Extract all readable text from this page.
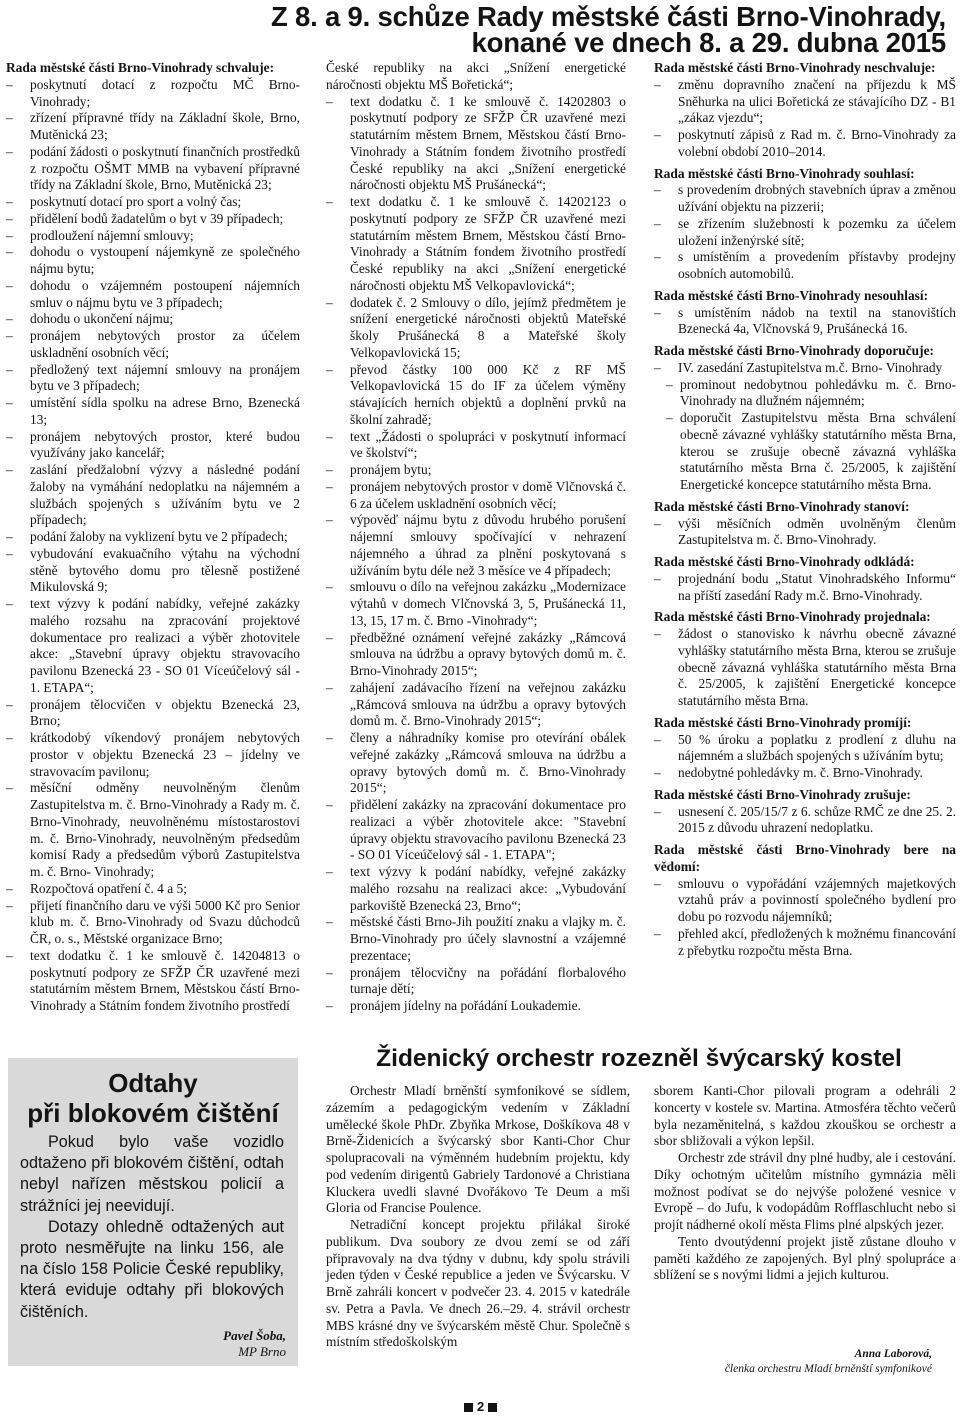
Z 8. a 9. schůze Rady městské části Brno-Vinohrady,
konané ve dnech 8. a 29. dubna 2015

Rada městské části Brno-Vinohrady schvaluje:

– poskytnutí dotací z rozpočtu MČ Brno-Vinohrady;
– zřízení přípravné třídy na Základní škole, Brno, Mutěnická 23;
– podání žádosti o poskytnutí finančních prostředků z rozpočtu OŠMT MMB na vybavení přípravné třídy na Základní škole, Brno, Mutěnická 23;
– poskytnutí dotací pro sport a volný čas;
– přidělení bodů žadatelům o byt v 39 případech;
– prodloužení nájemní smlouvy;
– dohodu o vystoupení nájemkyně ze společného nájmu bytu;
– dohodu o vzájemném postoupení nájemních smluv o nájmu bytu ve 3 případech;
– dohodu o ukončení nájmu;
– pronájem nebytových prostor za účelem uskladnění osobních věcí;
– předložený text nájemní smlouvy na pronájem bytu ve 3 případech;
– umístění sídla spolku na adrese Brno, Bzenecká 13;
– pronájem nebytových prostor, které budou využívány jako kancelář;
– zaslání předžalobní výzvy a následné podání žaloby na vymáhání nedoplatku na nájemném a službách spojených s užíváním bytu ve 2 případech;
– podání žaloby na vyklizení bytu ve 2 případech;
– vybudování evakuačního výtahu na východní stěně bytového domu pro tělesně postižené Mikulovská 9;
– text výzvy k podání nabídky, veřejné zakázky malého rozsahu na zpracování projektové dokumentace pro realizaci a výběr zhotovitele akce: „Stavební úpravy objektu stravovacího pavilonu Bzenecká 23 - SO 01 Víceúčelový sál - 1. ETAPA“;
– pronájem tělocvičen v objektu Bzenecká 23, Brno;
– krátkodobý víkendový pronájem nebytových prostor v objektu Bzenecká 23 – jídelny ve stravovacím pavilonu;
– měsíční odměny neuvolněným členům Zastupitelstva m. č. Brno-Vinohrady a Rady m. č. Brno-Vinohrady, neuvolněnému místostarostovi m. č. Brno-Vinohrady, neuvolněným předsedům komisí Rady a předsedům výborů Zastupitelstva m. č. Brno- Vinohrady;
– Rozpočtová opatření č. 4 a 5;
– přijetí finančního daru ve výši 5000 Kč pro Senior klub m. č. Brno-Vinohrady od Svazu důchodců ČR, o. s., Městské organizace Brno;
– text dodatku č. 1 ke smlouvě č. 14204813 o poskytnutí podpory ze SFŽP ČR uzavřené mezi statutárním městem Brnem, Městskou částí Brno-Vinohrady a Státním fondem životního prostředí

České republiky na akci „Snížení energetické náročnosti objektu MŠ Bořetická“;

– text dodatku č. 1 ke smlouvě č. 14202803 o poskytnutí podpory ze SFŽP ČR uzavřené mezi statutárním městem Brnem, Městskou částí Brno-Vinohrady a Státním fondem životního prostředí České republiky na akci „Snížení energetické náročnosti objektu MŠ Prušánecká“;
– text dodatku č. 1 ke smlouvě č. 14202123 o poskytnutí podpory ze SFŽP ČR uzavřené mezi statutárním městem Brnem, Městskou částí Brno-Vinohrady a Státním fondem životního prostředí České republiky na akci „Snížení energetické náročnosti objektu MŠ Velkopavlovická“;
– dodatek č. 2 Smlouvy o dílo, jejímž předmětem je snížení energetické náročnosti objektů Mateřské školy Prušánecká 8 a Mateřské školy Velkopavlovická 15;
– převod částky 100 000 Kč z RF MŠ Velkopavlovická 15 do IF za účelem výměny stávajících herních objektů a doplnění prvků na školní zahradě;
– text „Žádosti o spolupráci v poskytnutí informací ve školství“;
– pronájem bytu;
– pronájem nebytových prostor v domě Vlčnovská č. 6 za účelem uskladnění osobních věcí;
– výpověď nájmu bytu z důvodu hrubého porušení nájemní smlouvy spočívající v nehrazení nájemného a úhrad za plnění poskytovaná s užíváním bytu déle než 3 měsíce ve 4 případech;
– smlouvu o dílo na veřejnou zakázku „Modernizace výtahů v domech Vlčnovská 3, 5, Prušánecká 11, 13, 15, 17 m. č. Brno -Vinohrady“;
– předběžné oznámení veřejné zakázky „Rámcová smlouva na údržbu a opravy bytových domů m. č. Brno-Vinohrady 2015“;
– zahájení zadávacího řízení na veřejnou zakázku „Rámcová smlouva na údržbu a opravy bytových domů m. č. Brno-Vinohrady 2015“;
– členy a náhradníky komise pro otevírání obálek veřejné zakázky „Rámcová smlouva na údržbu a opravy bytových domů m. č. Brno-Vinohrady 2015“;
– přidělení zakázky na zpracování dokumentace pro realizaci a výběr zhotovitele akce: "Stavební úpravy objektu stravovacího pavilonu Bzenecká 23 - SO 01 Víceúčelový sál - 1. ETAPA";
– text výzvy k podání nabídky, veřejné zakázky malého rozsahu na realizaci akce: „Vybudování parkoviště Bzenecká 23, Brno“;
– městské části Brno-Jih použití znaku a vlajky m. č. Brno-Vinohrady pro účely slavnostní a vzájemné prezentace;
– pronájem tělocvičny na pořádání florbalového turnaje dětí;
– pronájem jídelny na pořádání Loukademie.

Rada městské části Brno-Vinohrady neschvaluje:

– změnu dopravního značení na příjezdu k MŠ Sněhurka na ulici Bořetická ze stávajícího DZ - B1 „zákaz vjezdu“;
– poskytnutí zápisů z Rad m. č. Brno-Vinohrady za volební období 2010–2014.

Rada městské části Brno-Vinohrady souhlasí:

– s provedením drobných stavebních úprav a změnou užívání objektu na pizzerii;
– se zřízením služebnosti k pozemku za účelem uložení inženýrské sítě;
– s umístěním a provedením přístavby prodejny osobních automobilů.

Rada městské části Brno-Vinohrady nesouhlasí:

– s umístěním nádob na textil na stanovištích Bzenecká 4a, Vlčnovská 9, Prušánecká 16.

Rada městské části Brno-Vinohrady doporučuje:

– IV. zasedání Zastupitelstva m.č. Brno- Vinohrady
– prominout nedobytnou pohledávku m. č. Brno-Vinohrady na dlužném nájemném;
– doporučit Zastupitelstvu města Brna schválení obecně závazné vyhlášky statutárního města Brna, kterou se zrušuje obecně závazná vyhláška statutárního města Brna č. 25/2005, k zajištění Energetické koncepce statutárního města Brna.

Rada městské části Brno-Vinohrady stanoví:

– výši měsíčních odměn uvolněným členům Zastupitelstva m. č. Brno-Vinohrady.

Rada městské části Brno-Vinohrady odkládá:

– projednání bodu „Statut Vinohradského Informu“ na příští zasedání Rady m.č. Brno-Vinohrady.

Rada městské části Brno-Vinohrady projednala:

– žádost o stanovisko k návrhu obecně závazné vyhlášky statutárního města Brna, kterou se zrušuje obecně závazná vyhláška statutárního města Brna č. 25/2005, k zajištění Energetické koncepce statutárního města Brna.

Rada městské části Brno-Vinohrady promíjí:

– 50 % úroku a poplatku z prodlení z dluhu na nájemném a službách spojených s užíváním bytu;
– nedobytné pohledávky m. č. Brno-Vinohrady.

Rada městské části Brno-Vinohrady zrušuje:

– usnesení č. 205/15/7 z 6. schůze RMČ ze dne 25. 2. 2015 z důvodu uhrazení nedoplatku.

Rada městské části Brno-Vinohrady bere na vědomí:

– smlouvu o vypořádání vzájemných majetkových vztahů práv a povinností společného bydlení pro dobu po rozvodu nájemníků;
– přehled akcí, předložených k možnému financování z přebytku rozpočtu města Brna.
Odtahy
při blokovém čištění

Pokud bylo vaše vozidlo odtaženo při blokovém čištění, odtah nebyl nařízen městskou policií a strážníci jej neevidují.

Dotazy ohledně odtažených aut proto nesměřujte na linku 156, ale na číslo 158 Policie České republiky, která eviduje odtahy při blokových čištěních.

Pavel Šoba,
MP Brno
Židenický orchestr rozezněl švýcarský kostel

Orchestr Mladí brněnští symfonikové se sídlem, zázemím a pedagogickým vedením v Základní umělecké škole PhDr. Zbyňka Mrkose, Doškíkova 48 v Brně-Židenicích a švýcarský sbor Kanti-Chor Chur spolupracovali na výměnném hudebním projektu, kdy pod vedením dirigentů Gabriely Tardonové a Christiana Kluckera uvedli slavné Dvořákovo Te Deum a mši Gloria od Francise Poulence.

Netradiční koncept projektu přilákal široké publikum. Dva soubory ze dvou zemí se od září připravovaly na dva týdny v dubnu, kdy spolu strávili jeden týden v České republice a jeden ve Švýcarsku. V Brně zahráli koncert v podvečer 23. 4. 2015 v katedrále sv. Petra a Pavla. Ve dnech 26.–29. 4. strávil orchestr MBS krásné dny ve švýcarském městě Chur. Společně s místním středoškolským

sborem Kanti-Chor pilovali program a odehráli 2 koncerty v kostele sv. Martina. Atmosféra těchto večerů byla nezaměnitelná, s každou zkouškou se orchestr a sbor sbližovali a výkon lepšil.

Orchestr zde strávil dny plné hudby, ale i cestování. Díky ochotným učitelům místního gymnázia měli možnost podívat se do nejvýše položené vesnice v Evropě – do Jufu, k vodopádům Rofflaschlucht nebo si projít nádherné okolí města Flims plné alpských jezer.

Tento dvoutýdenní projekt jistě zůstane dlouho v paměti každého ze zapojených. Byl plný spolupráce a sblížení se s novými lidmi a jejich kulturou.

Anna Laborová,
členka orchestru Mladí brněnští symfonikové
2
